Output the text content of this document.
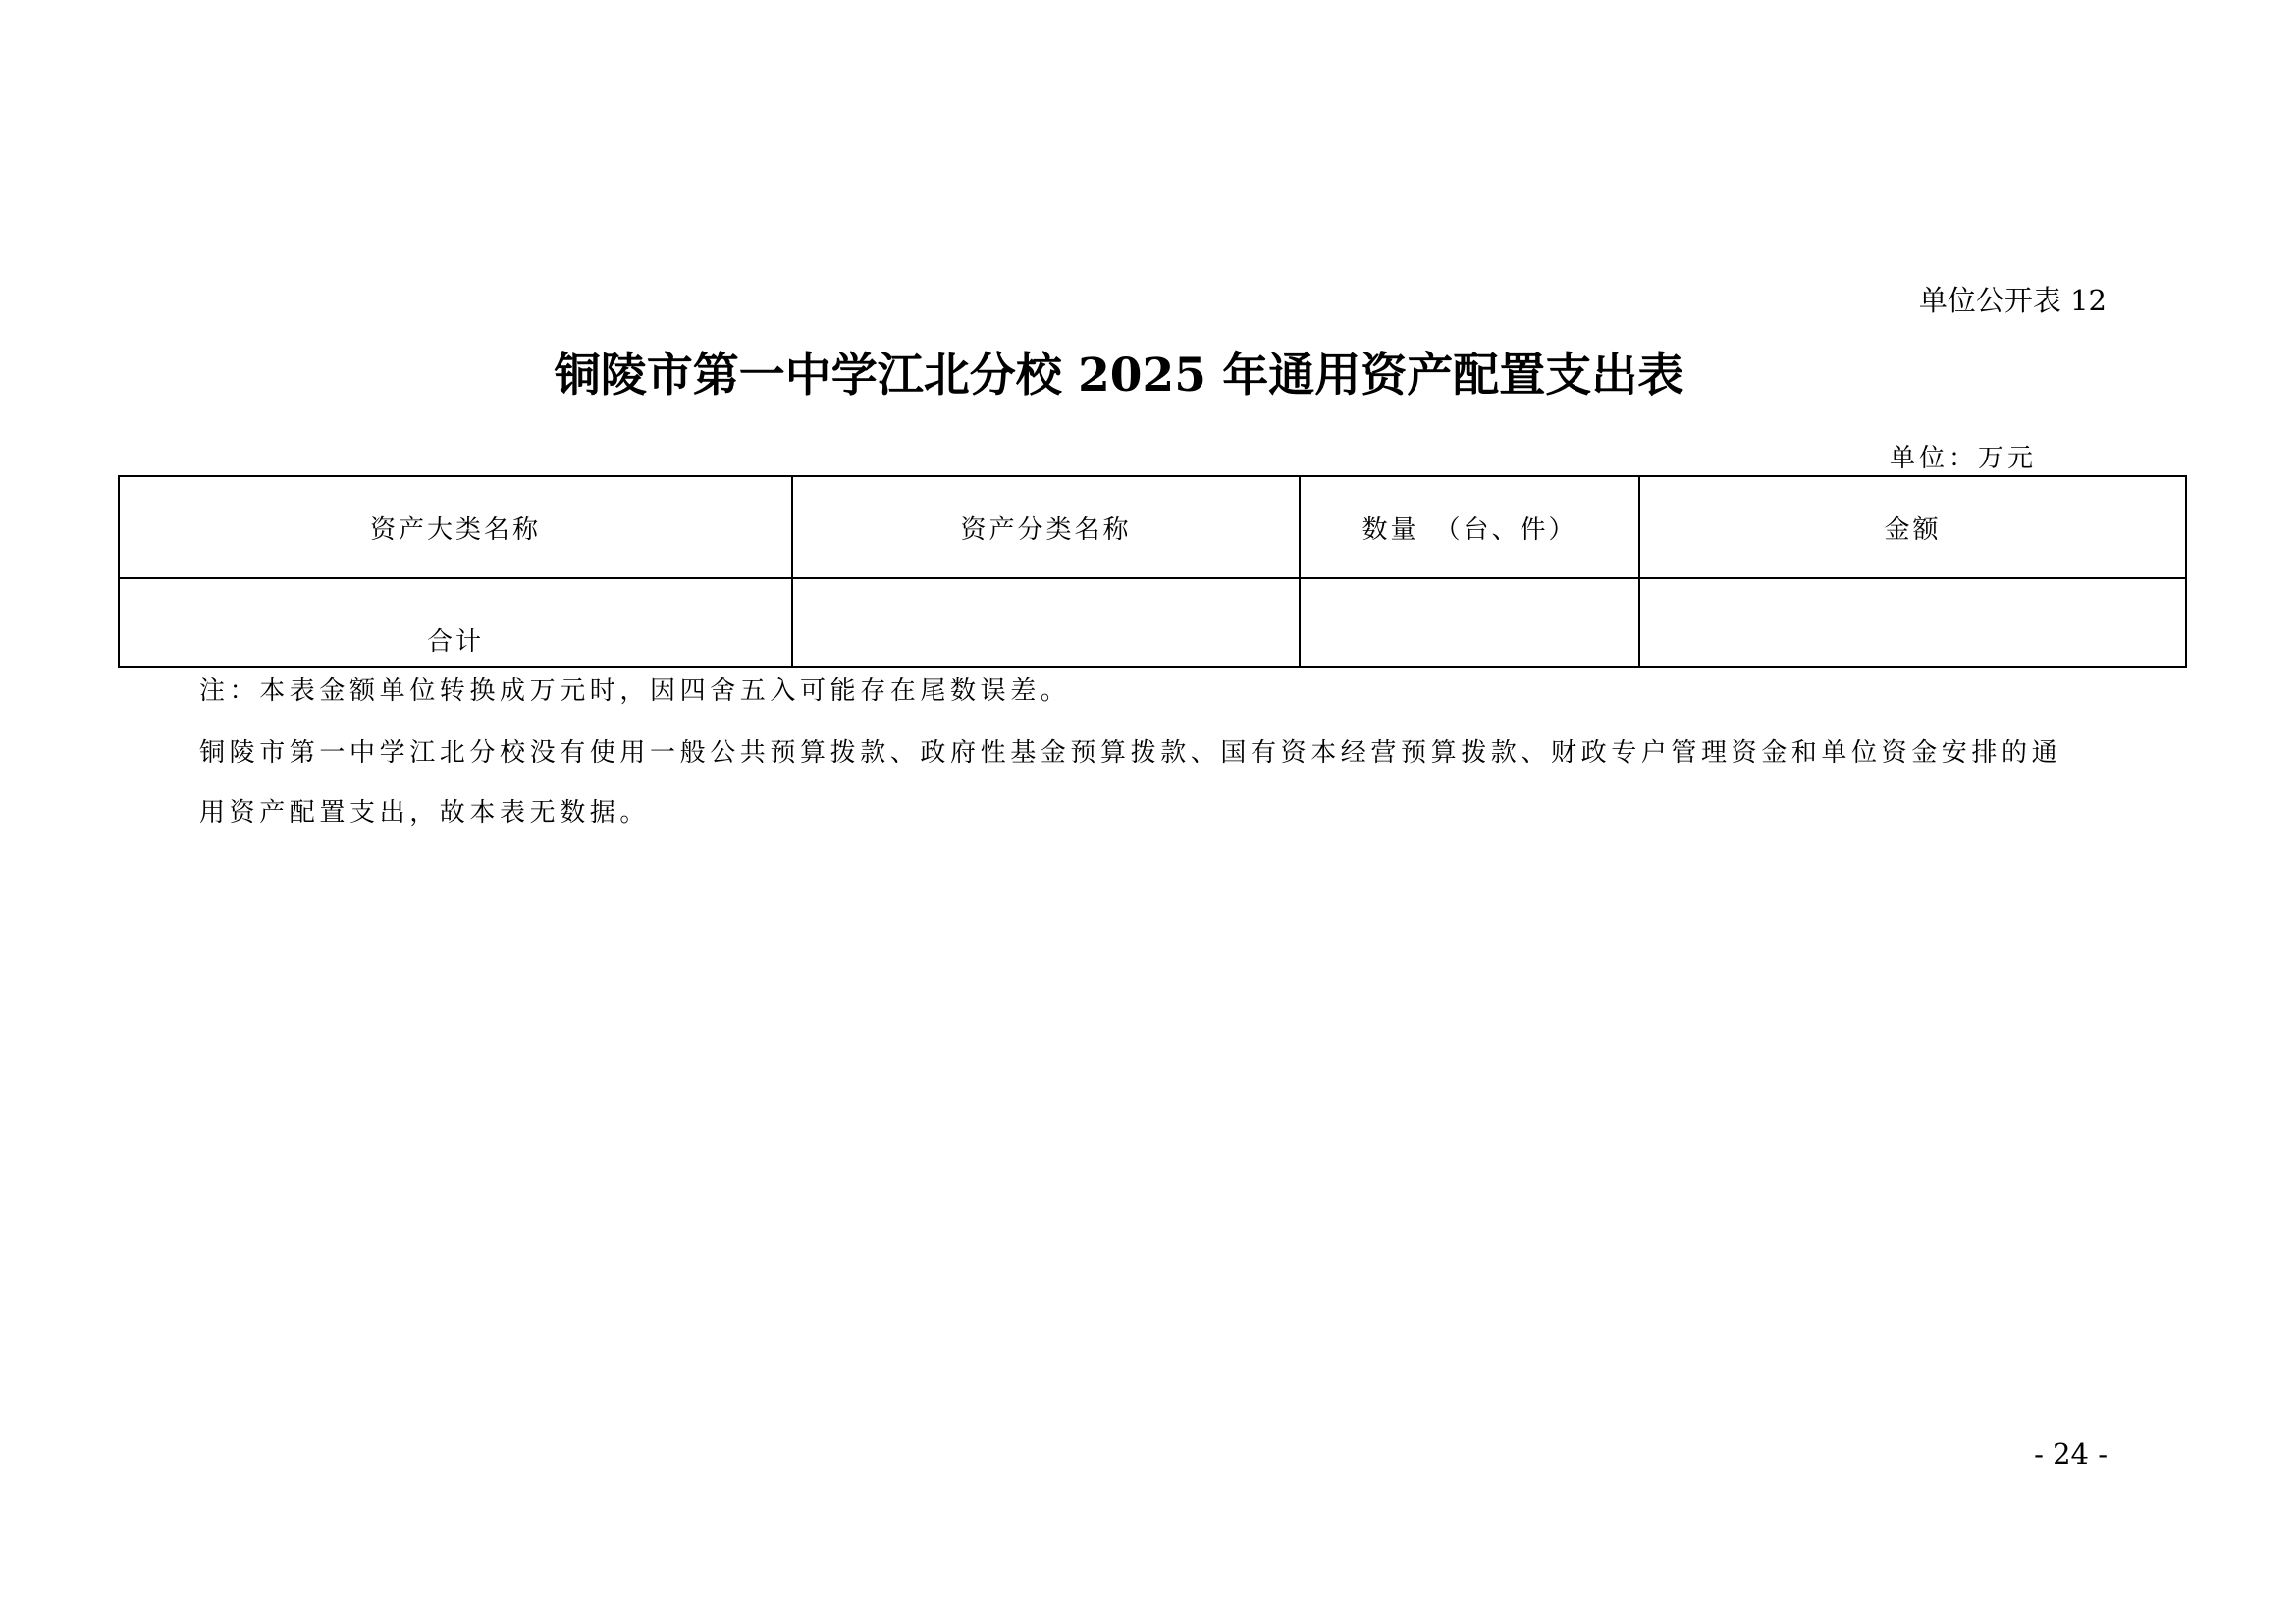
单位公开表 12
铜陵市第一中学江北分校 2025 年通用资产配置支出表
单位：万元
资产大类名称	资产分类名称	数量　（台、件）	金额
合计			
注：本表金额单位转换成万元时，因四舍五入可能存在尾数误差。
铜陵市第一中学江北分校没有使用一般公共预算拨款、政府性基金预算拨款、国有资本经营预算拨款、财政专户管理资金和单位资金安排的通用资产配置支出，故本表无数据。
- 24 -
